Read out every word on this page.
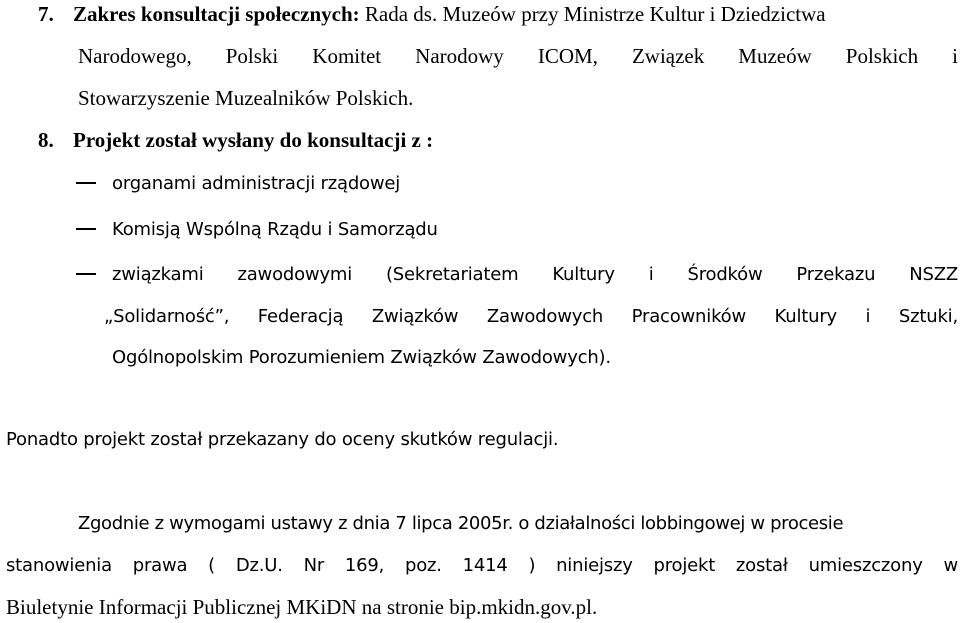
7. Zakres konsultacji społecznych: Rada ds. Muzeów przy Ministrze Kultur i Dziedzictwa
Narodowego, Polski Komitet Narodowy ICOM, Związek Muzeów Polskich i
Stowarzyszenie Muzealników Polskich.
8. Projekt został wysłany do konsultacji z :
organami administracji rządowej
Komisją Wspólną Rządu i Samorządu
związkami zawodowymi (Sekretariatem Kultury i Środków Przekazu NSZZ
„Solidarność”, Federacją Związków Zawodowych Pracowników Kultury i Sztuki,
Ogólnopolskim Porozumieniem Związków Zawodowych).
Ponadto projekt został przekazany do oceny skutków regulacji.
Zgodnie z wymogami ustawy z dnia 7 lipca 2005r. o działalności lobbingowej w procesie
stanowienia prawa ( Dz.U. Nr 169, poz. 1414 ) niniejszy projekt został umieszczony w
Biuletynie Informacji Publicznej MKiDN na stronie bip.mkidn.gov.pl.
